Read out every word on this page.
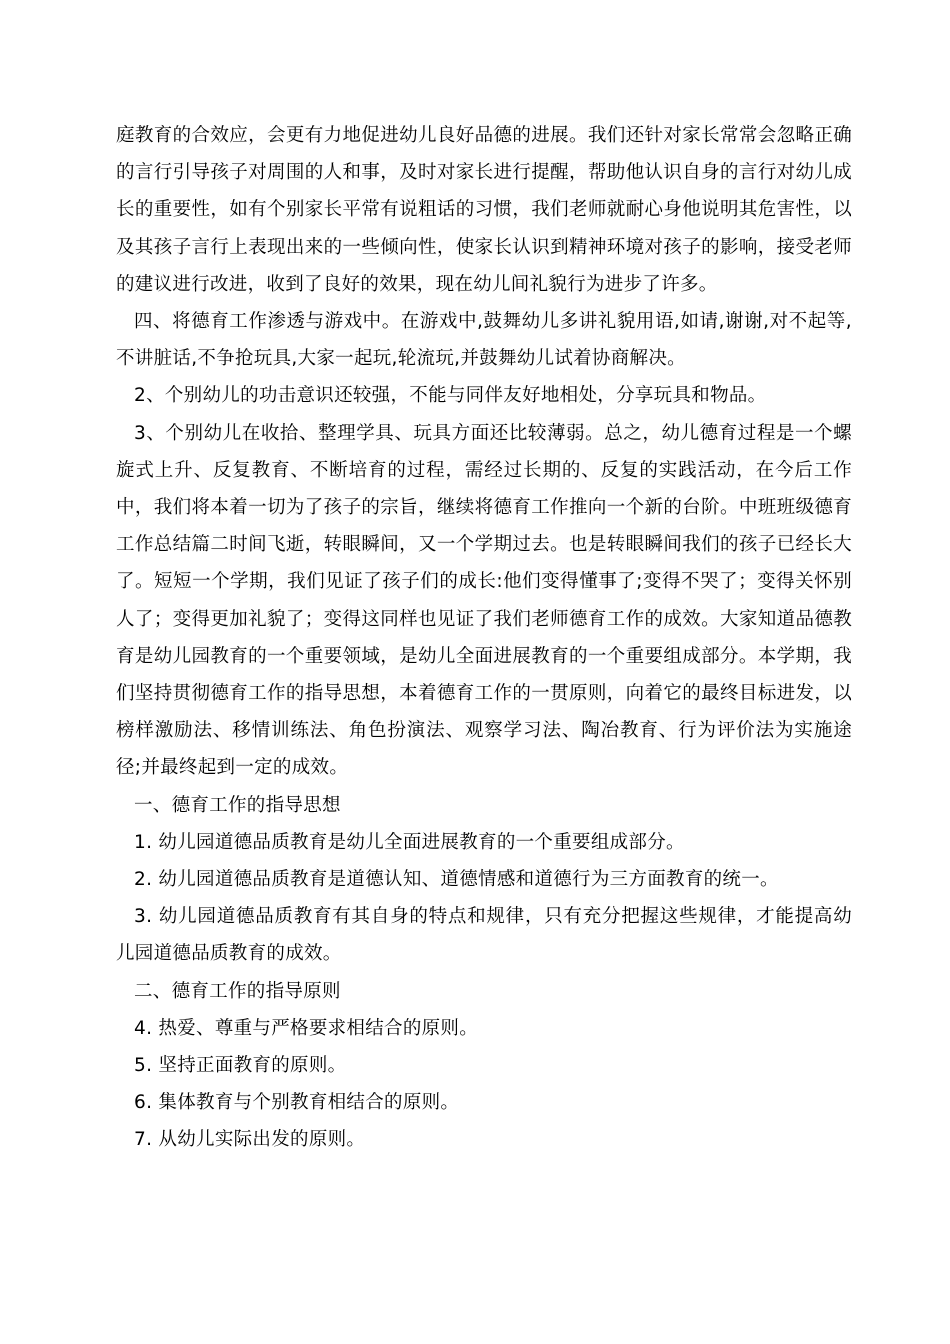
庭教育的合效应，会更有力地促进幼儿良好品德的进展。我们还针对家长常常会忽略正确的言行引导孩子对周围的人和事，及时对家长进行提醒，帮助他认识自身的言行对幼儿成长的重要性，如有个别家长平常有说粗话的习惯，我们老师就耐心身他说明其危害性，以及其孩子言行上表现出来的一些倾向性，使家长认识到精神环境对孩子的影响，接受老师的建议进行改进，收到了良好的效果，现在幼儿间礼貌行为进步了许多。

四、将德育工作渗透与游戏中。在游戏中,鼓舞幼儿多讲礼貌用语,如请,谢谢,对不起等,不讲脏话,不争抢玩具,大家一起玩,轮流玩,并鼓舞幼儿试着协商解决。

2、个别幼儿的功击意识还较强，不能与同伴友好地相处，分享玩具和物品。

3、个别幼儿在收拾、整理学具、玩具方面还比较薄弱。总之，幼儿德育过程是一个螺旋式上升、反复教育、不断培育的过程，需经过长期的、反复的实践活动，在今后工作中，我们将本着一切为了孩子的宗旨，继续将德育工作推向一个新的台阶。中班班级德育工作总结篇二时间飞逝，转眼瞬间，又一个学期过去。也是转眼瞬间我们的孩子已经长大了。短短一个学期，我们见证了孩子们的成长:他们变得懂事了;变得不哭了；变得关怀别人了；变得更加礼貌了；变得这同样也见证了我们老师德育工作的成效。大家知道品德教育是幼儿园教育的一个重要领域，是幼儿全面进展教育的一个重要组成部分。本学期，我们坚持贯彻德育工作的指导思想，本着德育工作的一贯原则，向着它的最终目标进发，以榜样激励法、移情训练法、角色扮演法、观察学习法、陶冶教育、行为评价法为实施途径;并最终起到一定的成效。

一、德育工作的指导思想

1. 幼儿园道德品质教育是幼儿全面进展教育的一个重要组成部分。

2. 幼儿园道德品质教育是道德认知、道德情感和道德行为三方面教育的统一。

3. 幼儿园道德品质教育有其自身的特点和规律，只有充分把握这些规律，才能提高幼儿园道德品质教育的成效。

二、德育工作的指导原则

4. 热爱、尊重与严格要求相结合的原则。

5. 坚持正面教育的原则。

6. 集体教育与个别教育相结合的原则。

7. 从幼儿实际出发的原则。
